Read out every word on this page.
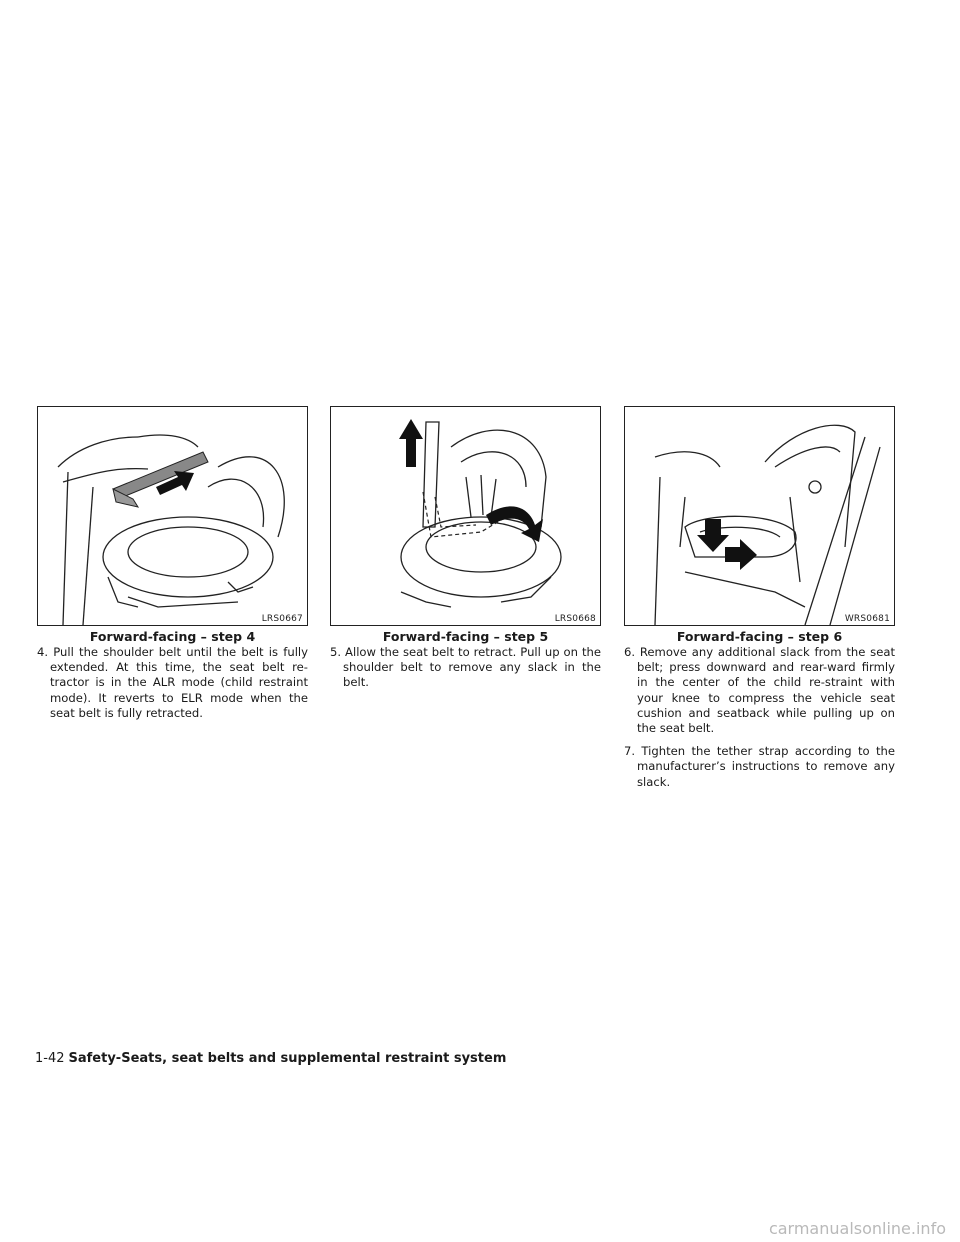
LRS0667
Forward-facing – step 4

4. Pull the shoulder belt until the belt is fully extended. At this time, the seat belt re-tractor is in the ALR mode (child restraint mode). It reverts to ELR mode when the seat belt is fully retracted.

LRS0668
Forward-facing – step 5

5. Allow the seat belt to retract. Pull up on the shoulder belt to remove any slack in the belt.

WRS0681
Forward-facing – step 6

6. Remove any additional slack from the seat belt; press downward and rear-ward firmly in the center of the child re-straint with your knee to compress the vehicle seat cushion and seatback while pulling up on the seat belt.

7. Tighten the tether strap according to the manufacturer’s instructions to remove any slack.

1-42 Safety-Seats, seat belts and supplemental restraint system
carmanualsonline.info
